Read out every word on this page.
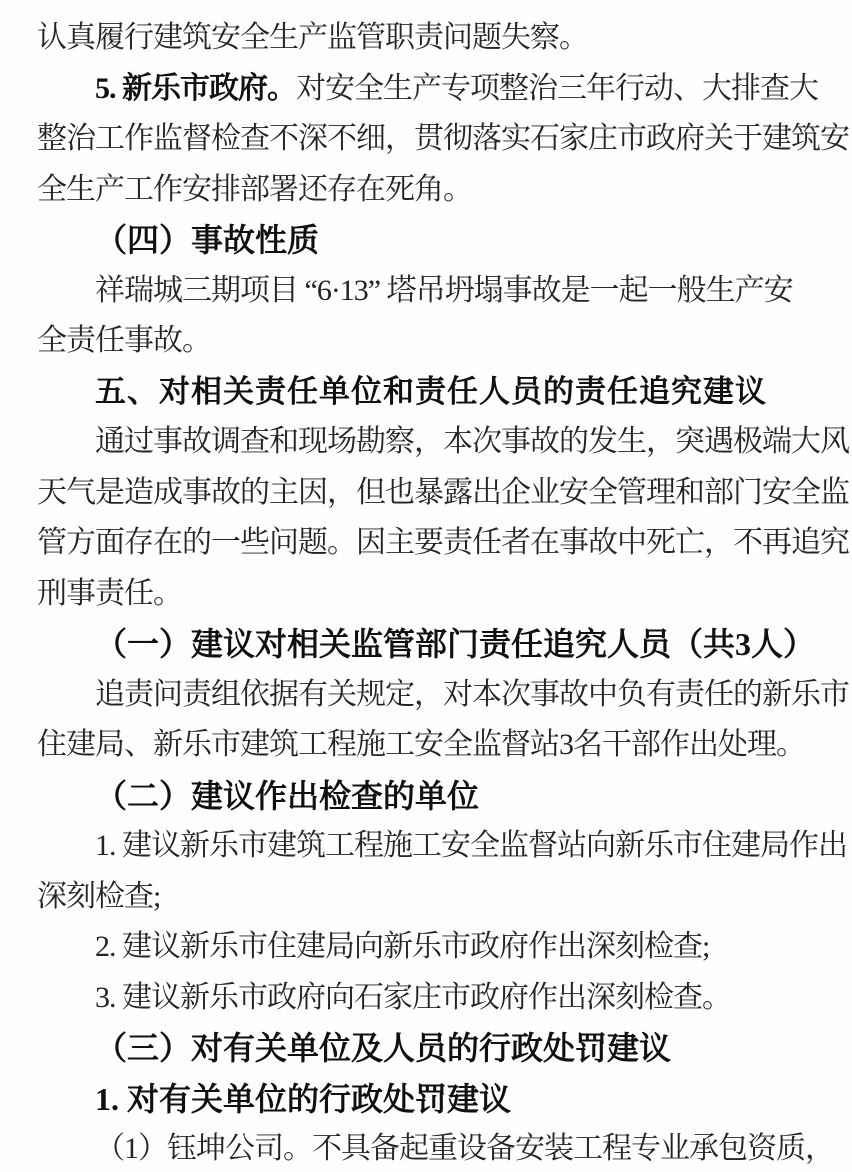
认真履行建筑安全生产监管职责问题失察。
5. 新乐市政府。对安全生产专项整治三年行动、大排查大
整治工作监督检查不深不细，贯彻落实石家庄市政府关于建筑安
全生产工作安排部署还存在死角。
（四）事故性质
祥瑞城三期项目 “6·13” 塔吊坍塌事故是一起一般生产安
全责任事故。
五、对相关责任单位和责任人员的责任追究建议
通过事故调查和现场勘察，本次事故的发生，突遇极端大风
天气是造成事故的主因，但也暴露出企业安全管理和部门安全监
管方面存在的一些问题。因主要责任者在事故中死亡，不再追究
刑事责任。
（一）建议对相关监管部门责任追究人员（共3人）
追责问责组依据有关规定，对本次事故中负有责任的新乐市
住建局、新乐市建筑工程施工安全监督站3名干部作出处理。
（二）建议作出检查的单位
1. 建议新乐市建筑工程施工安全监督站向新乐市住建局作出
深刻检查;
2. 建议新乐市住建局向新乐市政府作出深刻检查;
3. 建议新乐市政府向石家庄市政府作出深刻检查。
（三）对有关单位及人员的行政处罚建议
1. 对有关单位的行政处罚建议
（1）钰坤公司。不具备起重设备安装工程专业承包资质，
